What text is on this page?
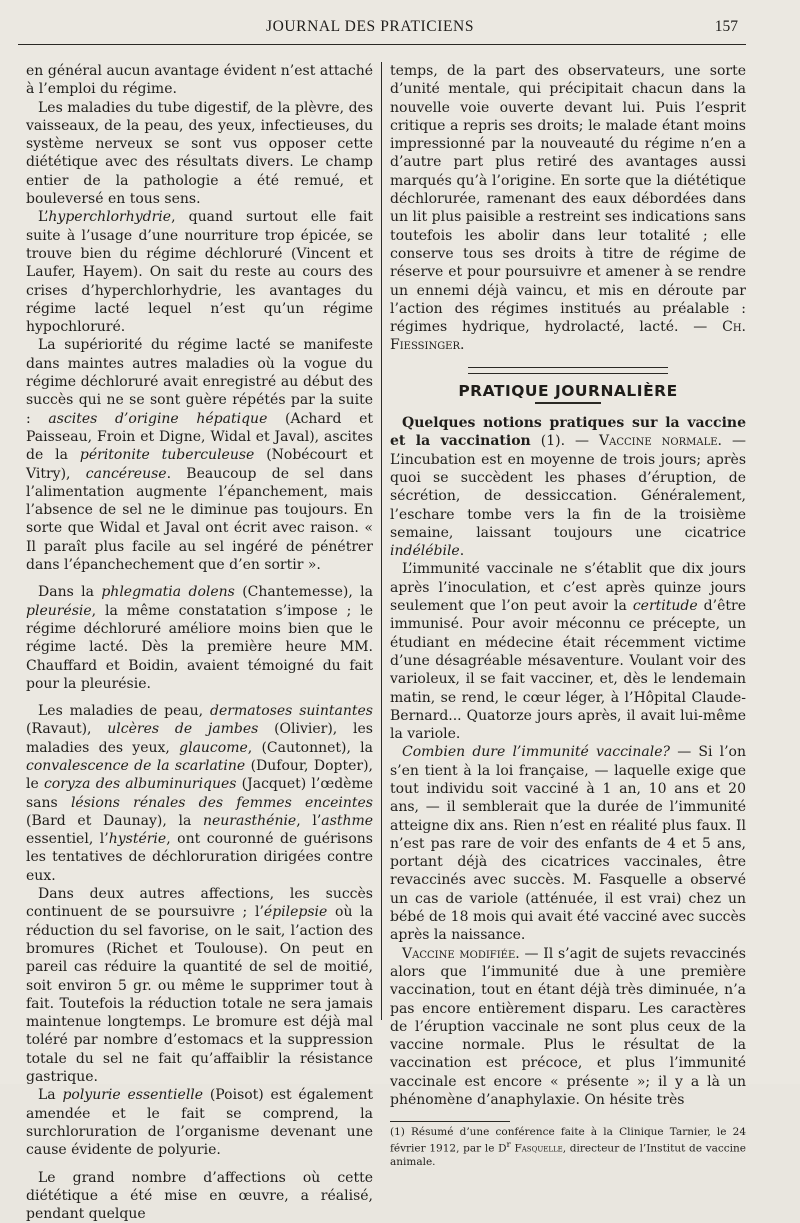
JOURNAL DES PRATICIENS	157

en général aucun avantage évident n’est attaché à l’emploi du régime.

Les maladies du tube digestif, de la plèvre, des vaisseaux, de la peau, des yeux, infectieuses, du système nerveux se sont vus opposer cette diététique avec des résultats divers. Le champ entier de la pathologie a été remué, et bouleversé en tous sens.

L’hyperchlorhydrie, quand surtout elle fait suite à l’usage d’une nourriture trop épicée, se trouve bien du régime déchloruré (Vincent et Laufer, Hayem). On sait du reste au cours des crises d’hyperchlorhydrie, les avantages du régime lacté lequel n’est qu’un régime hypochloruré.

La supériorité du régime lacté se manifeste dans maintes autres maladies où la vogue du régime déchloruré avait enregistré au début des succès qui ne se sont guère répétés par la suite : ascites d’origine hépatique (Achard et Paisseau, Froin et Digne, Widal et Javal), ascites de la péritonite tuberculeuse (Nobécourt et Vitry), cancéreuse. Beaucoup de sel dans l’alimentation augmente l’épanchement, mais l’absence de sel ne le diminue pas toujours. En sorte que Widal et Javal ont écrit avec raison. « Il paraît plus facile au sel ingéré de pénétrer dans l’épanchechement que d’en sortir ».

Dans la phlegmatia dolens (Chantemesse), la pleurésie, la même constatation s’impose ; le régime déchloruré améliore moins bien que le régime lacté. Dès la première heure MM. Chauffard et Boidin, avaient témoigné du fait pour la pleurésie.

Les maladies de peau, dermatoses suintantes (Ravaut), ulcères de jambes (Olivier), les maladies des yeux, glaucome, (Cautonnet), la convalescence de la scarlatine (Dufour, Dopter), le coryza des albuminuriques (Jacquet) l’œdème sans lésions rénales des femmes enceintes (Bard et Daunay), la neurasthénie, l’asthme essentiel, l’hystérie, ont couronné de guérisons les tentatives de déchloruration dirigées contre eux.

Dans deux autres affections, les succès continuent de se poursuivre ; l’épilepsie où la réduction du sel favorise, on le sait, l’action des bromures (Richet et Toulouse). On peut en pareil cas réduire la quantité de sel de moitié, soit environ 5 gr. ou même le supprimer tout à fait. Toutefois la réduction totale ne sera jamais maintenue longtemps. Le bromure est déjà mal toléré par nombre d’estomacs et la suppression totale du sel ne fait qu’affaiblir la résistance gastrique.

La polyurie essentielle (Poisot) est également amendée et le fait se comprend, la surchloruration de l’organisme devenant une cause évidente de polyurie.

Le grand nombre d’affections où cette diététique a été mise en œuvre, a réalisé, pendant quelque

temps, de la part des observateurs, une sorte d’unité mentale, qui précipitait chacun dans la nouvelle voie ouverte devant lui. Puis l’esprit critique a repris ses droits; le malade étant moins impressionné par la nouveauté du régime n’en a d’autre part plus retiré des avantages aussi marqués qu’à l’origine. En sorte que la diététique déchlorurée, ramenant des eaux débordées dans un lit plus paisible a restreint ses indications sans toutefois les abolir dans leur totalité ; elle conserve tous ses droits à titre de régime de réserve et pour poursuivre et amener à se rendre un ennemi déjà vaincu, et mis en déroute par l’action des régimes institués au préalable : régimes hydrique, hydrolacté, lacté. — Ch. Fiessinger.

PRATIQUE JOURNALIÈRE

Quelques notions pratiques sur la vaccine et la vaccination (1). — Vaccine normale. — L’incubation est en moyenne de trois jours; après quoi se succèdent les phases d’éruption, de sécrétion, de dessiccation. Généralement, l’eschare tombe vers la fin de la troisième semaine, laissant toujours une cicatrice indélébile.

L’immunité vaccinale ne s’établit que dix jours après l’inoculation, et c’est après quinze jours seulement que l’on peut avoir la certitude d’être immunisé. Pour avoir méconnu ce précepte, un étudiant en médecine était récemment victime d’une désagréable mésaventure. Voulant voir des varioleux, il se fait vacciner, et, dès le lendemain matin, se rend, le cœur léger, à l’Hôpital Claude-Bernard... Quatorze jours après, il avait lui-même la variole.

Combien dure l’immunité vaccinale? — Si l’on s’en tient à la loi française, — laquelle exige que tout individu soit vacciné à 1 an, 10 ans et 20 ans, — il semblerait que la durée de l’immunité atteigne dix ans. Rien n’est en réalité plus faux. Il n’est pas rare de voir des enfants de 4 et 5 ans, portant déjà des cicatrices vaccinales, être revaccinés avec succès. M. Fasquelle a observé un cas de variole (atténuée, il est vrai) chez un bébé de 18 mois qui avait été vacciné avec succès après la naissance.

Vaccine modifiée. — Il s’agit de sujets revaccinés alors que l’immunité due à une première vaccination, tout en étant déjà très diminuée, n’a pas encore entièrement disparu. Les caractères de l’éruption vaccinale ne sont plus ceux de la vaccine normale. Plus le résultat de la vaccination est précoce, et plus l’immunité vaccinale est encore « présente »; il y a là un phénomène d’anaphylaxie. On hésite très

(1) Résumé d’une conférence faite à la Clinique Tarnier, le 24 février 1912, par le $D^r$ Fasquelle, directeur de l’Institut de vaccine animale.
